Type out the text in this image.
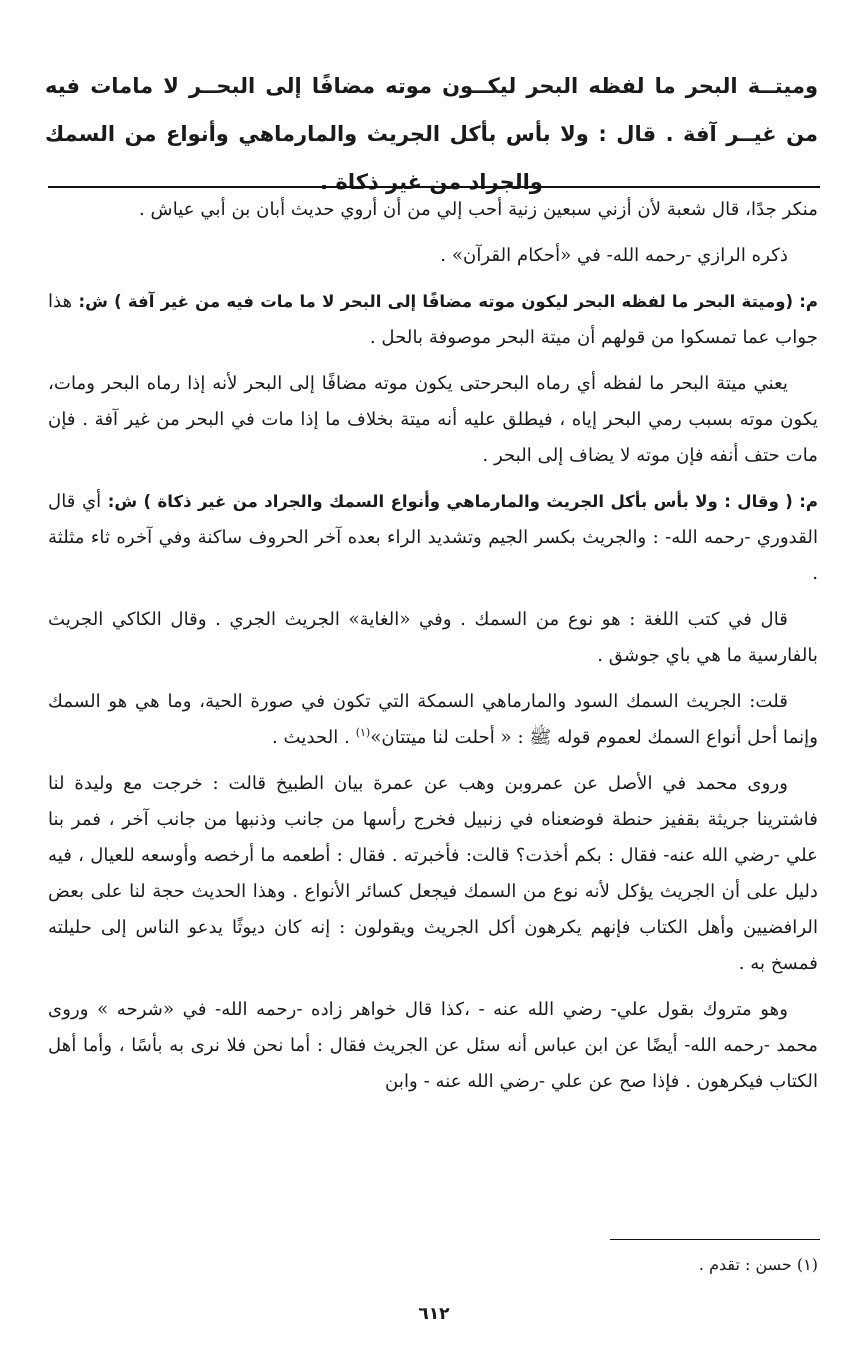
وميتــة البحر ما لفظه البحر ليكــون موته مضافًا إلى البحــر لا مامات فيه من غيــر آفة . قال : ولا بأس بأكل الجريث والمارماهي وأنواع من السمك والجراد من غير ذكاة .

منكر جدًا، قال شعبة لأن أزني سبعين زنية أحب إلي من أن أروي حديث أبان بن أبي عياش .

ذكره الرازي -رحمه الله- في «أحكام القرآن» .

م: (وميتة البحر ما لفظه البحر ليكون موته مضافًا إلى البحر لا ما مات فيه من غير آفة ) ش: هذا جواب عما تمسكوا من قولهم أن ميتة البحر موصوفة بالحل .

يعني ميتة البحر ما لفظه أي رماه البحرحتى يكون موته مضافًا إلى البحر لأنه إذا رماه البحر ومات، يكون موته بسبب رمي البحر إياه ، فيطلق عليه أنه ميتة بخلاف ما إذا مات في البحر من غير آفة . فإن مات حتف أنفه فإن موته لا يضاف إلى البحر .

م: ( وقال : ولا بأس بأكل الجريث والمارماهي وأنواع السمك والجراد من غير ذكاة ) ش: أي قال القدوري -رحمه الله- : والجريث بكسر الجيم وتشديد الراء بعده آخر الحروف ساكنة وفي آخره ثاء مثلثة .

قال في كتب اللغة : هو نوع من السمك . وفي «الغاية» الجريث الجري . وقال الكاكي الجريث بالفارسية ما هي باي جوشق .

قلت: الجريث السمك السود والمارماهي السمكة التي تكون في صورة الحية، وما هي هو السمك وإنما أحل أنواع السمك لعموم قوله ﷺ : « أحلت لنا ميتتان»$^{(١)}$ . الحديث .

وروى محمد في الأصل عن عمروبن وهب عن عمرة بيان الطبيخ قالت : خرجت مع وليدة لنا فاشترينا جريثة بقفيز حنطة فوضعناه في زنبيل فخرج رأسها من جانب وذنبها من جانب آخر ، فمر بنا علي -رضي الله عنه- فقال : بكم أخذت؟ قالت: فأخبرته . فقال : أطعمه ما أرخصه وأوسعه للعيال ، فيه دليل على أن الجريث يؤكل لأنه نوع من السمك فيجعل كسائر الأنواع . وهذا الحديث حجة لنا على بعض الرافضيين وأهل الكتاب فإنهم يكرهون أكل الجريث ويقولون : إنه كان ديوثًا يدعو الناس إلى حليلته فمسخ به .

وهو متروك بقول علي- رضي الله عنه - ،كذا قال خواهر زاده -رحمه الله- في «شرحه » وروى محمد -رحمه الله- أيضًا عن ابن عباس أنه سئل عن الجريث فقال : أما نحن فلا نرى به بأسًا ، وأما أهل الكتاب فيكرهون . فإذا صح عن علي -رضي الله عنه - وابن

(١) حسن : تقدم .
٦١٢
